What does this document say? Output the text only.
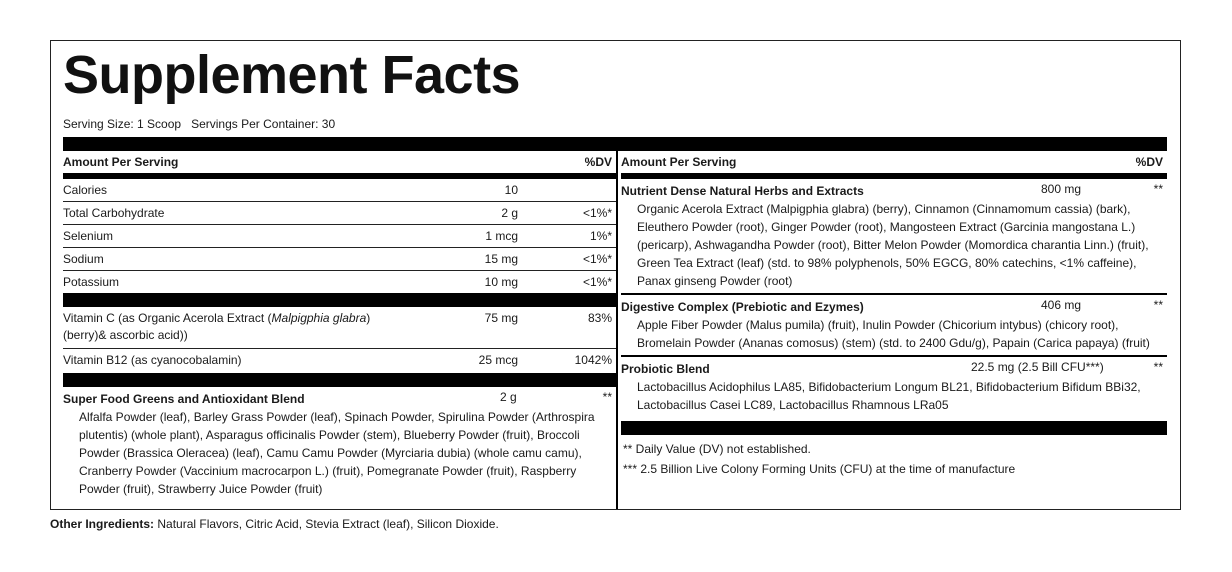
Supplement Facts
Serving Size: 1 Scoop   Servings Per Container: 30
Amount Per Serving	%DV
Calories	10
Total Carbohydrate	2 g	<1%*
Selenium	1 mcg	1%*
Sodium	15 mg	<1%*
Potassium	10 mg	<1%*
Vitamin C (as Organic Acerola Extract (Malpigphia glabra) (berry)& ascorbic acid))
75 mg	83%
Vitamin B12 (as cyanocobalamin)	25 mcg	1042%
Super Food Greens and Antioxidant Blend	2 g	**
Alfalfa Powder (leaf), Barley Grass Powder (leaf), Spinach Powder, Spirulina Powder (Arthrospira plutentis) (whole plant), Asparagus officinalis Powder (stem), Blueberry Powder (fruit), Broccoli Powder (Brassica Oleracea) (leaf), Camu Camu Powder (Myrciaria dubia) (whole camu camu), Cranberry Powder (Vaccinium macrocarpon L.) (fruit), Pomegranate Powder (fruit), Raspberry Powder (fruit), Strawberry Juice Powder (fruit)
Amount Per Serving	%DV
Nutrient Dense Natural Herbs and Extracts	800 mg	**
Organic Acerola Extract (Malpigphia glabra) (berry), Cinnamon (Cinnamomum cassia) (bark), Eleuthero Powder (root), Ginger Powder (root), Mangosteen Extract (Garcinia mangostana L.) (pericarp), Ashwagandha Powder (root), Bitter Melon Powder (Momordica charantia Linn.) (fruit), Green Tea Extract (leaf) (std. to 98% polyphenols, 50% EGCG, 80% catechins, <1% caffeine), Panax ginseng Powder (root)
Digestive Complex (Prebiotic and Ezymes)	406 mg	**
Apple Fiber Powder (Malus pumila) (fruit), Inulin Powder (Chicorium intybus) (chicory root), Bromelain Powder (Ananas comosus) (stem) (std. to 2400 Gdu/g), Papain (Carica papaya) (fruit)
Probiotic Blend	22.5 mg (2.5 Bill CFU***)	**
Lactobacillus Acidophilus LA85, Bifidobacterium Longum BL21, Bifidobacterium Bifidum BBi32, Lactobacillus Casei LC89, Lactobacillus Rhamnous LRa05
** Daily Value (DV) not established.
*** 2.5 Billion Live Colony Forming Units (CFU) at the time of manufacture
Other Ingredients: Natural Flavors, Citric Acid, Stevia Extract (leaf), Silicon Dioxide.
